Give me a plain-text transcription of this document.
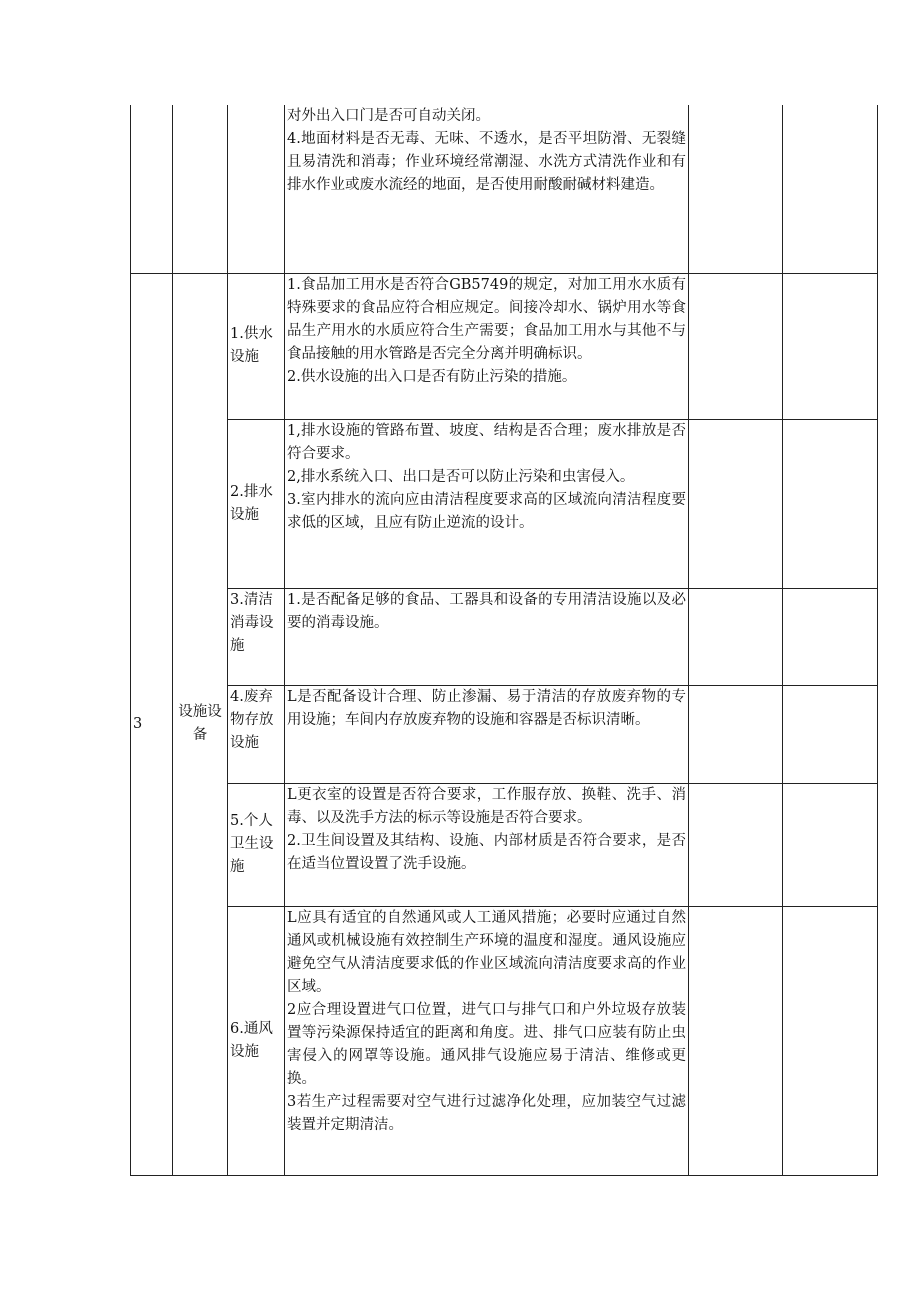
			对外出入口门是否可自动关闭。
4.地面材料是否无毒、无味、不透水，是否平坦防滑、无裂缝且易清洗和消毒；作业环境经常潮湿、水洗方式清洗作业和有排水作业或废水流经的地面，是否使用耐酸耐碱材料建造。		
3	设施设备	1.供水设施	1.食品加工用水是否符合GB5749的规定，对加工用水水质有特殊要求的食品应符合相应规定。间接冷却水、锅炉用水等食品生产用水的水质应符合生产需要；食品加工用水与其他不与食品接触的用水管路是否完全分离并明确标识。
2.供水设施的出入口是否有防止污染的措施。		
		2.排水设施	1,排水设施的管路布置、坡度、结构是否合理；废水排放是否符合要求。
2,排水系统入口、出口是否可以防止污染和虫害侵入。
3.室内排水的流向应由清洁程度要求高的区域流向清洁程度要求低的区域，且应有防止逆流的设计。		
		3.清洁消毒设施	1.是否配备足够的食品、工器具和设备的专用清洁设施以及必要的消毒设施。		
		4.废弃物存放设施	L是否配备设计合理、防止渗漏、易于清洁的存放废弃物的专用设施；车间内存放废弃物的设施和容器是否标识清晰。		
		5.个人卫生设施	L更衣室的设置是否符合要求，工作服存放、换鞋、洗手、消毒、以及洗手方法的标示等设施是否符合要求。
2.卫生间设置及其结构、设施、内部材质是否符合要求，是否在适当位置设置了洗手设施。		
		6.通风设施	L应具有适宜的自然通风或人工通风措施；必要时应通过自然通风或机械设施有效控制生产环境的温度和湿度。通风设施应避免空气从清洁度要求低的作业区域流向清洁度要求高的作业区域。
2应合理设置进气口位置，进气口与排气口和户外垃圾存放装置等污染源保持适宜的距离和角度。进、排气口应装有防止虫害侵入的网罩等设施。通风排气设施应易于清洁、维修或更换。
3若生产过程需要对空气进行过滤净化处理，应加装空气过滤装置并定期清洁。		
